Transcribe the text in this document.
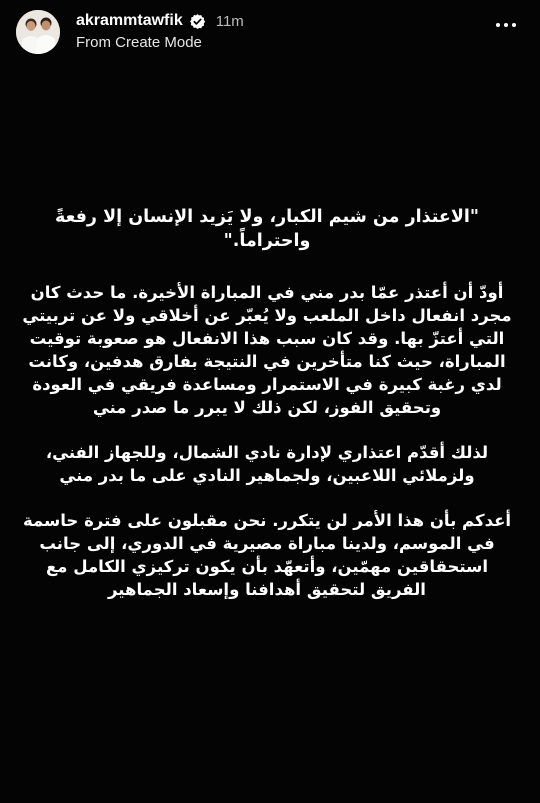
akrammtawfik 11m
From Create Mode

"الاعتذار من شيم الكبار، ولا يَزيد الإنسان إلا رفعةً واحتراماً."

أودّ أن أعتذر عمّا بدر مني في المباراة الأخيرة. ما حدث كان مجرد انفعال داخل الملعب ولا يُعبّر عن أخلاقي ولا عن تربيتي التي أعتزّ بها. وقد كان سبب هذا الانفعال هو صعوبة توقيت المباراة، حيث كنا متأخرين في النتيجة بفارق هدفين، وكانت لدي رغبة كبيرة في الاستمرار ومساعدة فريقي في العودة وتحقيق الفوز، لكن ذلك لا يبرر ما صدر مني

لذلك أقدّم اعتذاري لإدارة نادي الشمال، وللجهاز الفني، ولزملائي اللاعبين، ولجماهير النادي على ما بدر مني

أعدكم بأن هذا الأمر لن يتكرر. نحن مقبلون على فترة حاسمة في الموسم، ولدينا مباراة مصيرية في الدوري، إلى جانب استحقاقين مهمّين، وأتعهّد بأن يكون تركيزي الكامل مع الفريق لتحقيق أهدافنا وإسعاد الجماهير
